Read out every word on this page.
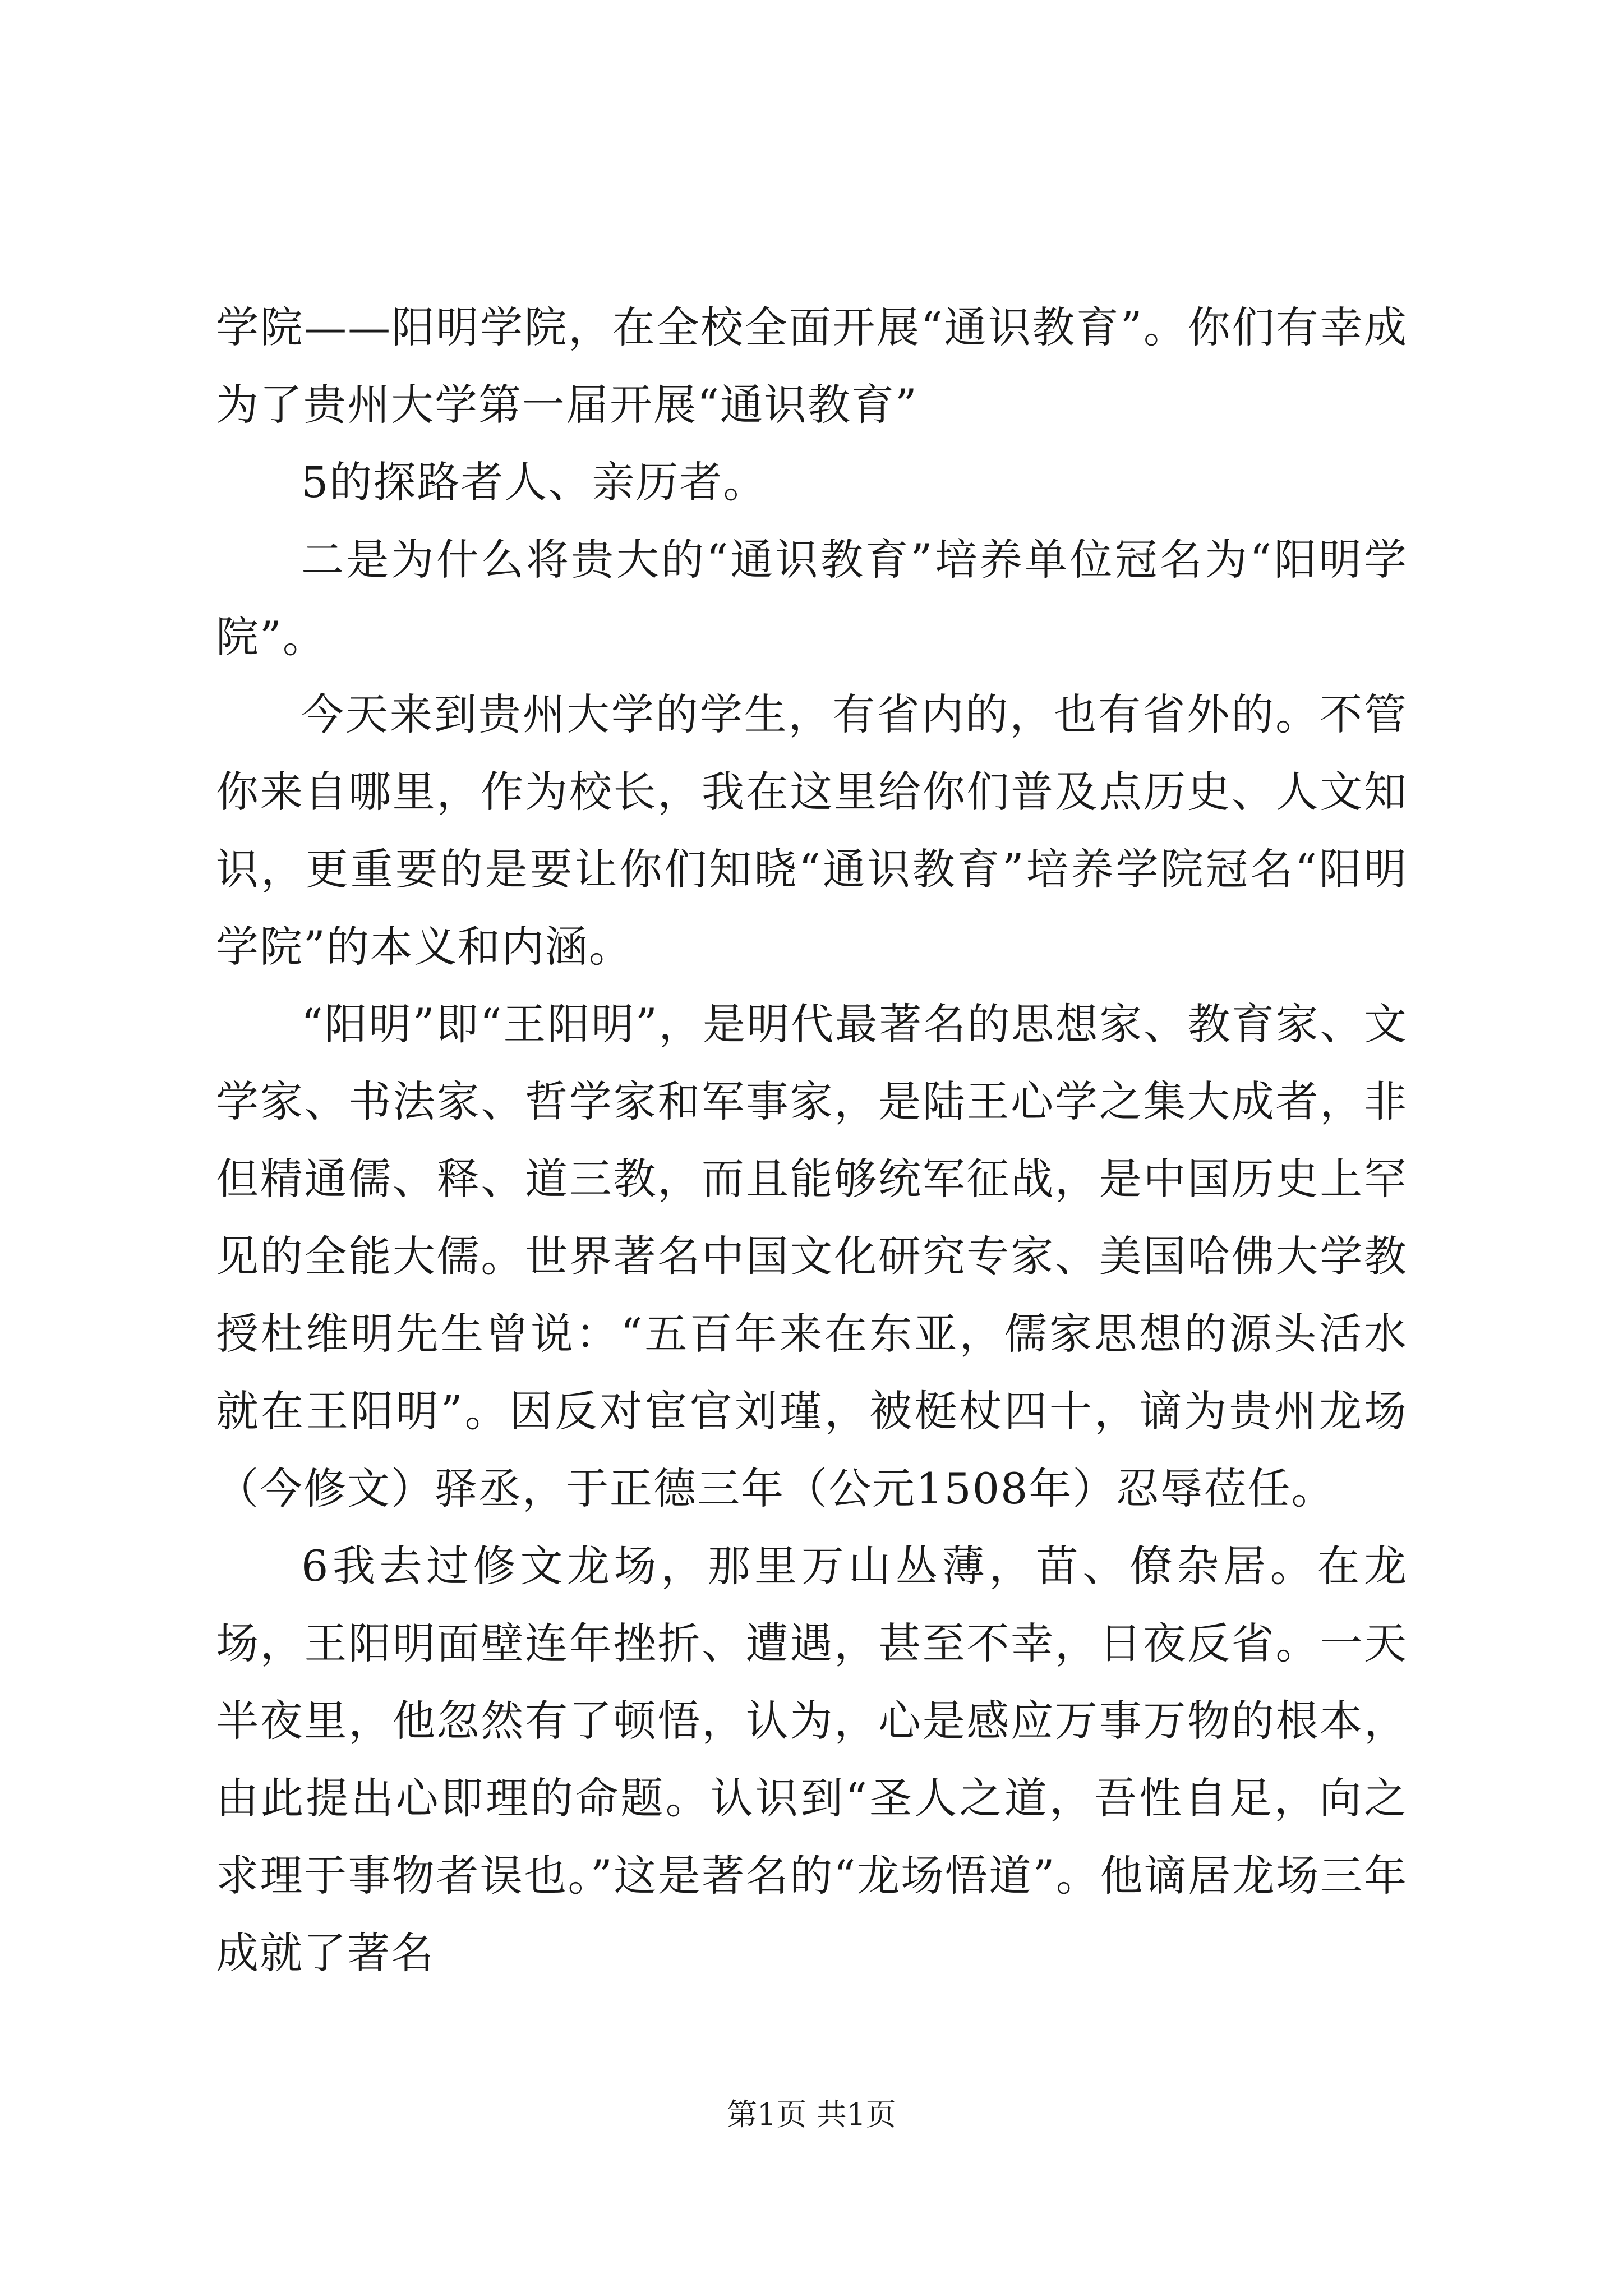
学院——阳明学院，在全校全面开展“通识教育”。你们有幸成为了贵州大学第一届开展“通识教育”

5的探路者人、亲历者。

二是为什么将贵大的“通识教育”培养单位冠名为“阳明学院”。

今天来到贵州大学的学生，有省内的，也有省外的。不管你来自哪里，作为校长，我在这里给你们普及点历史、人文知识，更重要的是要让你们知晓“通识教育”培养学院冠名“阳明学院”的本义和内涵。

“阳明”即“王阳明”，是明代最著名的思想家、教育家、文学家、书法家、哲学家和军事家，是陆王心学之集大成者，非但精通儒、释、道三教，而且能够统军征战，是中国历史上罕见的全能大儒。世界著名中国文化研究专家、美国哈佛大学教授杜维明先生曾说：“五百年来在东亚，儒家思想的源头活水就在王阳明”。因反对宦官刘瑾，被梃杖四十，谪为贵州龙场（今修文）驿丞，于正德三年（公元1508年）忍辱莅任。

6我去过修文龙场，那里万山丛薄，苗、僚杂居。在龙场，王阳明面壁连年挫折、遭遇，甚至不幸，日夜反省。一天半夜里，他忽然有了顿悟，认为，心是感应万事万物的根本，由此提出心即理的命题。认识到“圣人之道，吾性自足，向之求理于事物者误也。”这是著名的“龙场悟道”。他谪居龙场三年成就了著名

第1页 共1页
